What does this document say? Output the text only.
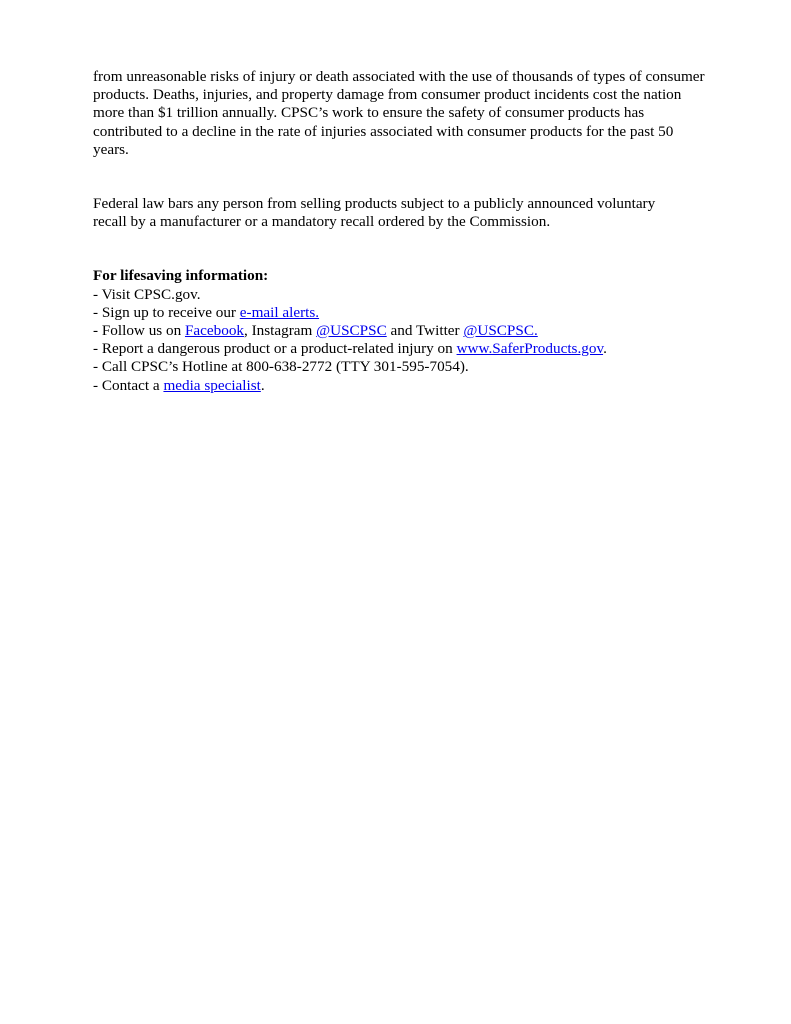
from unreasonable risks of injury or death associated with the use of thousands of types of consumer products. Deaths, injuries, and property damage from consumer product incidents cost the nation more than $1 trillion annually. CPSC’s work to ensure the safety of consumer products has contributed to a decline in the rate of injuries associated with consumer products for the past 50 years.

Federal law bars any person from selling products subject to a publicly announced voluntary recall by a manufacturer or a mandatory recall ordered by the Commission.

For lifesaving information:
- Visit CPSC.gov.
- Sign up to receive our e-mail alerts.
- Follow us on Facebook, Instagram @USCPSC and Twitter @USCPSC.
- Report a dangerous product or a product-related injury on www.SaferProducts.gov.
- Call CPSC’s Hotline at 800-638-2772 (TTY 301-595-7054).
- Contact a media specialist.
